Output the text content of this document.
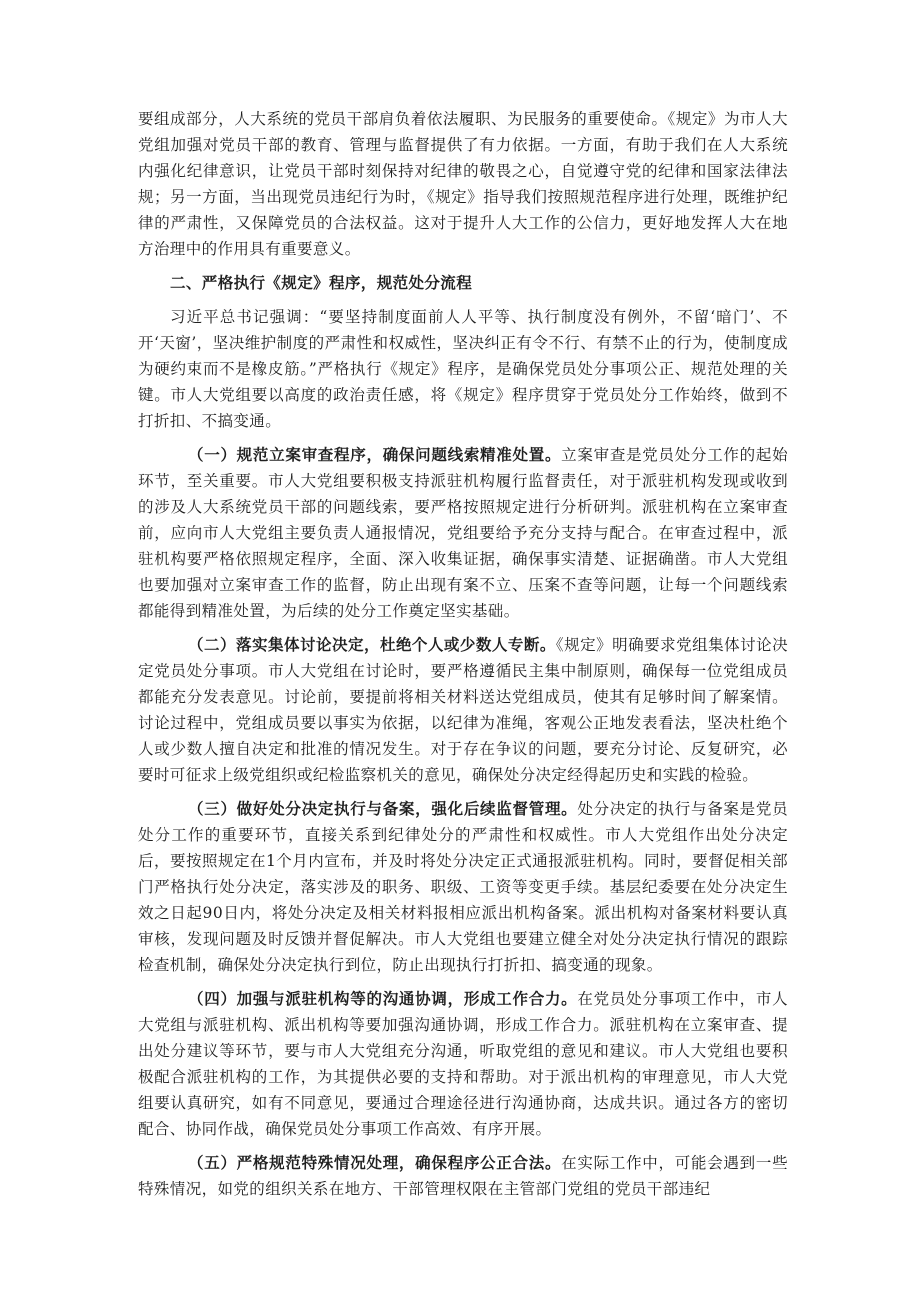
要组成部分，人大系统的党员干部肩负着依法履职、为民服务的重要使命。《规定》为市人大党组加强对党员干部的教育、管理与监督提供了有力依据。一方面，有助于我们在人大系统内强化纪律意识，让党员干部时刻保持对纪律的敬畏之心，自觉遵守党的纪律和国家法律法规；另一方面，当出现党员违纪行为时，《规定》指导我们按照规范程序进行处理，既维护纪律的严肃性，又保障党员的合法权益。这对于提升人大工作的公信力，更好地发挥人大在地方治理中的作用具有重要意义。

二、严格执行《规定》程序，规范处分流程

习近平总书记强调：“要坚持制度面前人人平等、执行制度没有例外，不留‘暗门’、不开‘天窗’，坚决维护制度的严肃性和权威性，坚决纠正有令不行、有禁不止的行为，使制度成为硬约束而不是橡皮筋。”严格执行《规定》程序，是确保党员处分事项公正、规范处理的关键。市人大党组要以高度的政治责任感，将《规定》程序贯穿于党员处分工作始终，做到不打折扣、不搞变通。

（一）规范立案审查程序，确保问题线索精准处置。立案审查是党员处分工作的起始环节，至关重要。市人大党组要积极支持派驻机构履行监督责任，对于派驻机构发现或收到的涉及人大系统党员干部的问题线索，要严格按照规定进行分析研判。派驻机构在立案审查前，应向市人大党组主要负责人通报情况，党组要给予充分支持与配合。在审查过程中，派驻机构要严格依照规定程序，全面、深入收集证据，确保事实清楚、证据确凿。市人大党组也要加强对立案审查工作的监督，防止出现有案不立、压案不查等问题，让每一个问题线索都能得到精准处置，为后续的处分工作奠定坚实基础。

（二）落实集体讨论决定，杜绝个人或少数人专断。《规定》明确要求党组集体讨论决定党员处分事项。市人大党组在讨论时，要严格遵循民主集中制原则，确保每一位党组成员都能充分发表意见。讨论前，要提前将相关材料送达党组成员，使其有足够时间了解案情。讨论过程中，党组成员要以事实为依据，以纪律为准绳，客观公正地发表看法，坚决杜绝个人或少数人擅自决定和批准的情况发生。对于存在争议的问题，要充分讨论、反复研究，必要时可征求上级党组织或纪检监察机关的意见，确保处分决定经得起历史和实践的检验。

（三）做好处分决定执行与备案，强化后续监督管理。处分决定的执行与备案是党员处分工作的重要环节，直接关系到纪律处分的严肃性和权威性。市人大党组作出处分决定后，要按照规定在1个月内宣布，并及时将处分决定正式通报派驻机构。同时，要督促相关部门严格执行处分决定，落实涉及的职务、职级、工资等变更手续。基层纪委要在处分决定生效之日起90日内，将处分决定及相关材料报相应派出机构备案。派出机构对备案材料要认真审核，发现问题及时反馈并督促解决。市人大党组也要建立健全对处分决定执行情况的跟踪检查机制，确保处分决定执行到位，防止出现执行打折扣、搞变通的现象。

（四）加强与派驻机构等的沟通协调，形成工作合力。在党员处分事项工作中，市人大党组与派驻机构、派出机构等要加强沟通协调，形成工作合力。派驻机构在立案审查、提出处分建议等环节，要与市人大党组充分沟通，听取党组的意见和建议。市人大党组也要积极配合派驻机构的工作，为其提供必要的支持和帮助。对于派出机构的审理意见，市人大党组要认真研究，如有不同意见，要通过合理途径进行沟通协商，达成共识。通过各方的密切配合、协同作战，确保党员处分事项工作高效、有序开展。

（五）严格规范特殊情况处理，确保程序公正合法。在实际工作中，可能会遇到一些特殊情况，如党的组织关系在地方、干部管理权限在主管部门党组的党员干部违纪
